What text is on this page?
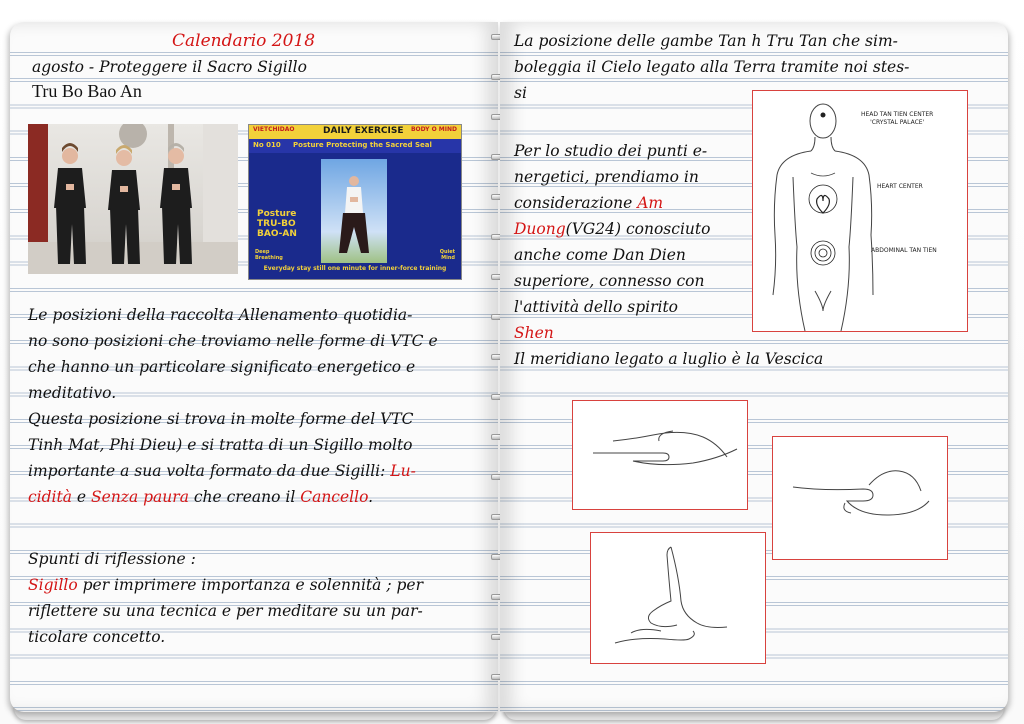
Calendario 2018
agosto - Proteggere il Sacro Sigillo
Tru Bo Bao An
VIETCHIDAO	DAILY EXERCISE BODY O MIND
No 010 Posture Protecting the Sacred Seal
Posture
TRU-BO
BAO-AN
Deep
Breathing
Quiet
Mind
Everyday stay still one minute for inner-force training
Le posizioni della raccolta Allenamento quotidia-
no sono posizioni che troviamo nelle forme di VTC e
che hanno un particolare significato energetico e
meditativo.
Questa posizione si trova in molte forme del VTC
Tinh Mat, Phi Dieu) e si tratta di un Sigillo molto
importante a sua volta formato da due Sigilli: Lu-
cidità e Senza paura che creano il Cancello.
Spunti di riflessione :
Sigillo per imprimere importanza e solennità ; per
riflettere su una tecnica e per meditare su un par-
ticolare concetto.
La posizione delle gambe Tan h Tru Tan che sim-
boleggia il Cielo legato alla Terra tramite noi stes-
si
Per lo studio dei punti e-
nergetici, prendiamo in
considerazione Am
Duong(VG24) conosciuto
anche come Dan Dien
superiore, connesso con
l'attività dello spirito
Shen
Il meridiano legato a luglio è la Vescica
HEAD TAN TIEN CENTER
'CRYSTAL PALACE'
HEART CENTER
ABDOMINAL TAN TIEN
